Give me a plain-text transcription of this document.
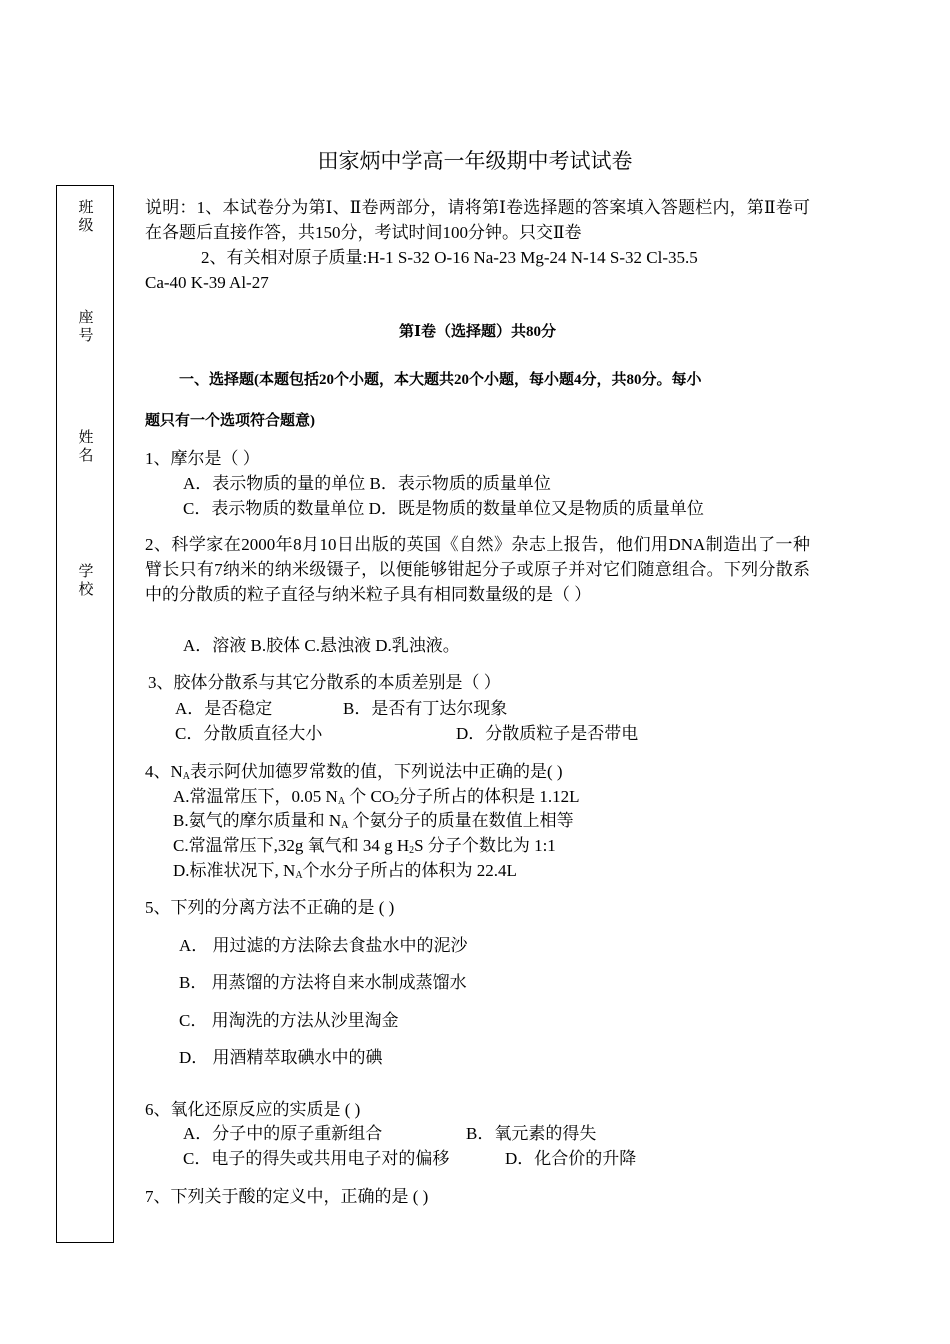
田家炳中学高一年级期中考试试卷
班
级
座
号
姓
名
学
校

说明：1、本试卷分为第Ⅰ、Ⅱ卷两部分，请将第Ⅰ卷选择题的答案填入答题栏内，第Ⅱ卷可在各题后直接作答，共150分，考试时间100分钟。只交Ⅱ卷

2、有关相对原子质量:H-1 S-32 O-16 Na-23 Mg-24 N-14 S-32 Cl-35.5

Ca-40 K-39 Al-27

第Ⅰ卷（选择题）共80分
一、选择题(本题包括20个小题，本大题共20个小题，每小题4分，共80分。每小
题只有一个选项符合题意)
1、摩尔是（ ）
A．表示物质的量的单位 B．表示物质的质量单位
C．表示物质的数量单位 D．既是物质的数量单位又是物质的质量单位

2、科学家在2000年8月10日出版的英国《自然》杂志上报告，他们用DNA制造出了一种臂长只有7纳米的纳米级镊子，以便能够钳起分子或原子并对它们随意组合。下列分散系中的分散质的粒子直径与纳米粒子具有相同数量级的是（ ）

A．溶液 B.胶体 C.悬浊液 D.乳浊液。
3、胶体分散系与其它分散系的本质差别是（ ）
A．是否稳定	B．是否有丁达尔现象
C．分散质直径大小	D．分散质粒子是否带电
4、$N_A$表示阿伏加德罗常数的值，下列说法中正确的是( )
A.常温常压下，0.05 $N_A$ 个 $CO_2$分子所占的体积是 1.12L
B.氨气的摩尔质量和 $N_A$ 个氨分子的质量在数值上相等
C.常温常压下,32g 氧气和 34 g $H_2S$ 分子个数比为 1:1
D.标准状况下, $N_A$个水分子所占的体积为 22.4L
5、下列的分离方法不正确的是 ( )
A． 用过滤的方法除去食盐水中的泥沙
B． 用蒸馏的方法将自来水制成蒸馏水
C． 用淘洗的方法从沙里淘金
D． 用酒精萃取碘水中的碘
6、氧化还原反应的实质是 ( )
A．分子中的原子重新组合	B．氧元素的得失
C．电子的得失或共用电子对的偏移	D．化合价的升降
7、下列关于酸的定义中，正确的是 ( )
